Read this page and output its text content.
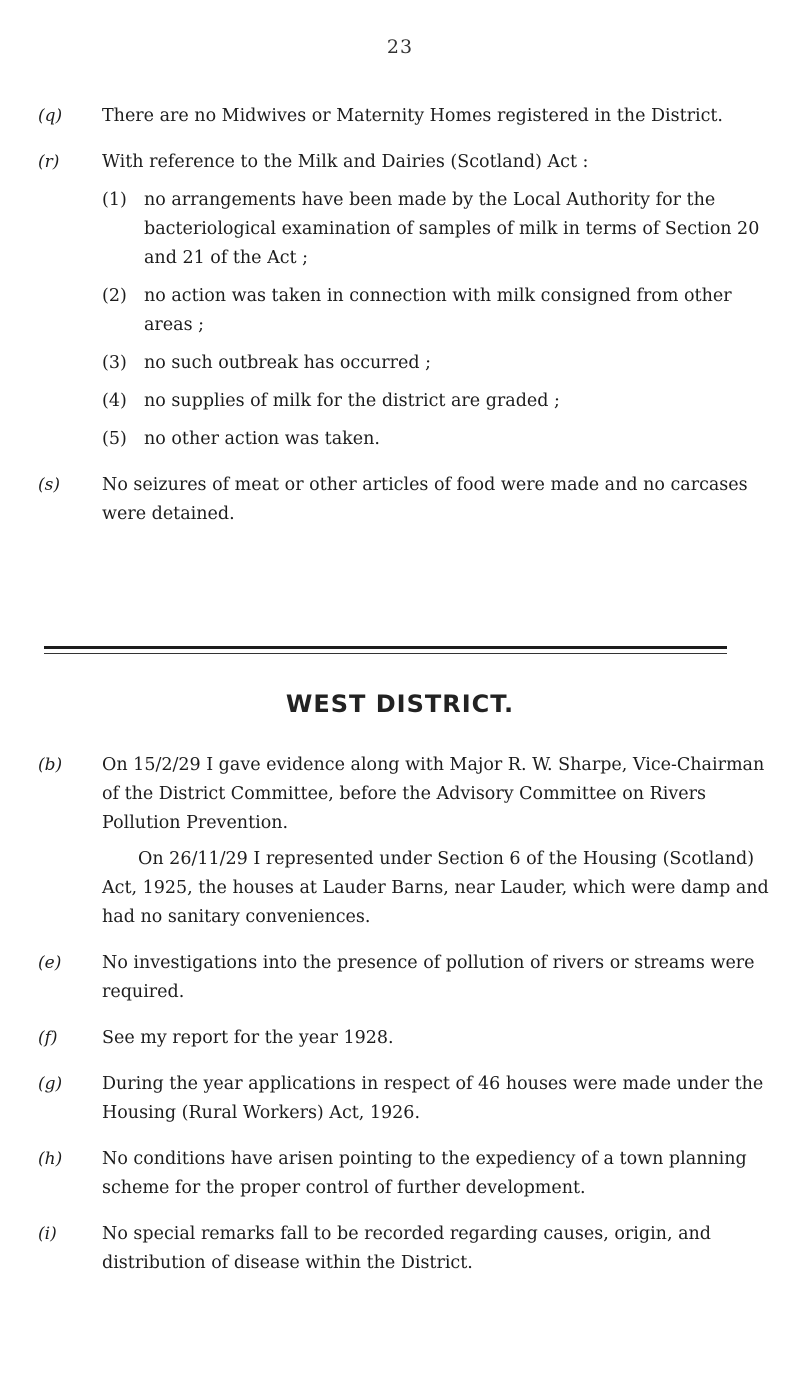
23
(q)	There are no Midwives or Maternity Homes registered in the District.
(r)	With reference to the Milk and Dairies (Scotland) Act :
(1) no arrangements have been made by the Local Authority for the bacteriological examination of samples of milk in terms of Section 20 and 21 of the Act ;
(2) no action was taken in connection with milk consigned from other areas ;
(3) no such outbreak has occurred ;
(4) no supplies of milk for the district are graded ;
(5) no other action was taken.
(s)	No seizures of meat or other articles of food were made and no carcases were detained.
WEST DISTRICT.
(b)	On 15/2/29 I gave evidence along with Major R. W. Sharpe, Vice-Chairman of the District Committee, before the Advisory Committee on Rivers Pollution Prevention.
On 26/11/29 I represented under Section 6 of the Housing (Scotland) Act, 1925, the houses at Lauder Barns, near Lauder, which were damp and had no sanitary conveniences.
(e)	No investigations into the presence of pollution of rivers or streams were required.
(f)	See my report for the year 1928.
(g)	During the year applications in respect of 46 houses were made under the Housing (Rural Workers) Act, 1926.
(h)	No conditions have arisen pointing to the expediency of a town planning scheme for the proper control of further development.
(i)	No special remarks fall to be recorded regarding causes, origin, and distribution of disease within the District.
